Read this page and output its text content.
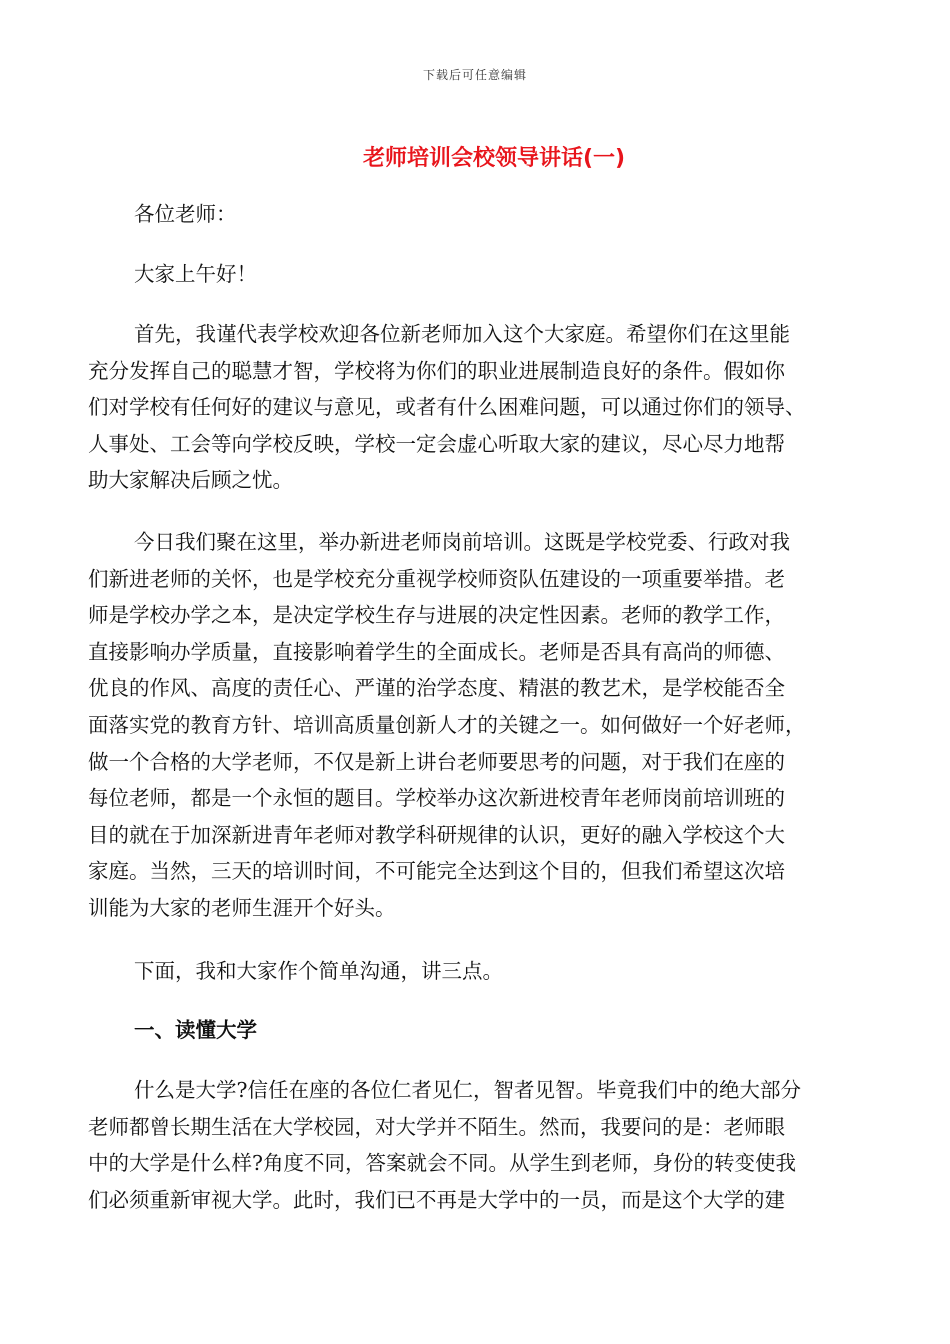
下载后可任意编辑
老师培训会校领导讲话(一)
各位老师：
大家上午好！
首先，我谨代表学校欢迎各位新老师加入这个大家庭。希望你们在这里能
充分发挥自己的聪慧才智，学校将为你们的职业进展制造良好的条件。假如你
们对学校有任何好的建议与意见，或者有什么困难问题，可以通过你们的领导、
人事处、工会等向学校反映，学校一定会虚心听取大家的建议，尽心尽力地帮
助大家解决后顾之忧。
今日我们聚在这里，举办新进老师岗前培训。这既是学校党委、行政对我
们新进老师的关怀，也是学校充分重视学校师资队伍建设的一项重要举措。老
师是学校办学之本，是决定学校生存与进展的决定性因素。老师的教学工作，
直接影响办学质量，直接影响着学生的全面成长。老师是否具有高尚的师德、
优良的作风、高度的责任心、严谨的治学态度、精湛的教艺术，是学校能否全
面落实党的教育方针、培训高质量创新人才的关键之一。如何做好一个好老师，
做一个合格的大学老师，不仅是新上讲台老师要思考的问题，对于我们在座的
每位老师，都是一个永恒的题目。学校举办这次新进校青年老师岗前培训班的
目的就在于加深新进青年老师对教学科研规律的认识，更好的融入学校这个大
家庭。当然，三天的培训时间，不可能完全达到这个目的，但我们希望这次培
训能为大家的老师生涯开个好头。
下面，我和大家作个简单沟通，讲三点。
一、读懂大学
什么是大学?信任在座的各位仁者见仁，智者见智。毕竟我们中的绝大部分
老师都曾长期生活在大学校园，对大学并不陌生。然而，我要问的是：老师眼
中的大学是什么样?角度不同，答案就会不同。从学生到老师，身份的转变使我
们必须重新审视大学。此时，我们已不再是大学中的一员，而是这个大学的建
